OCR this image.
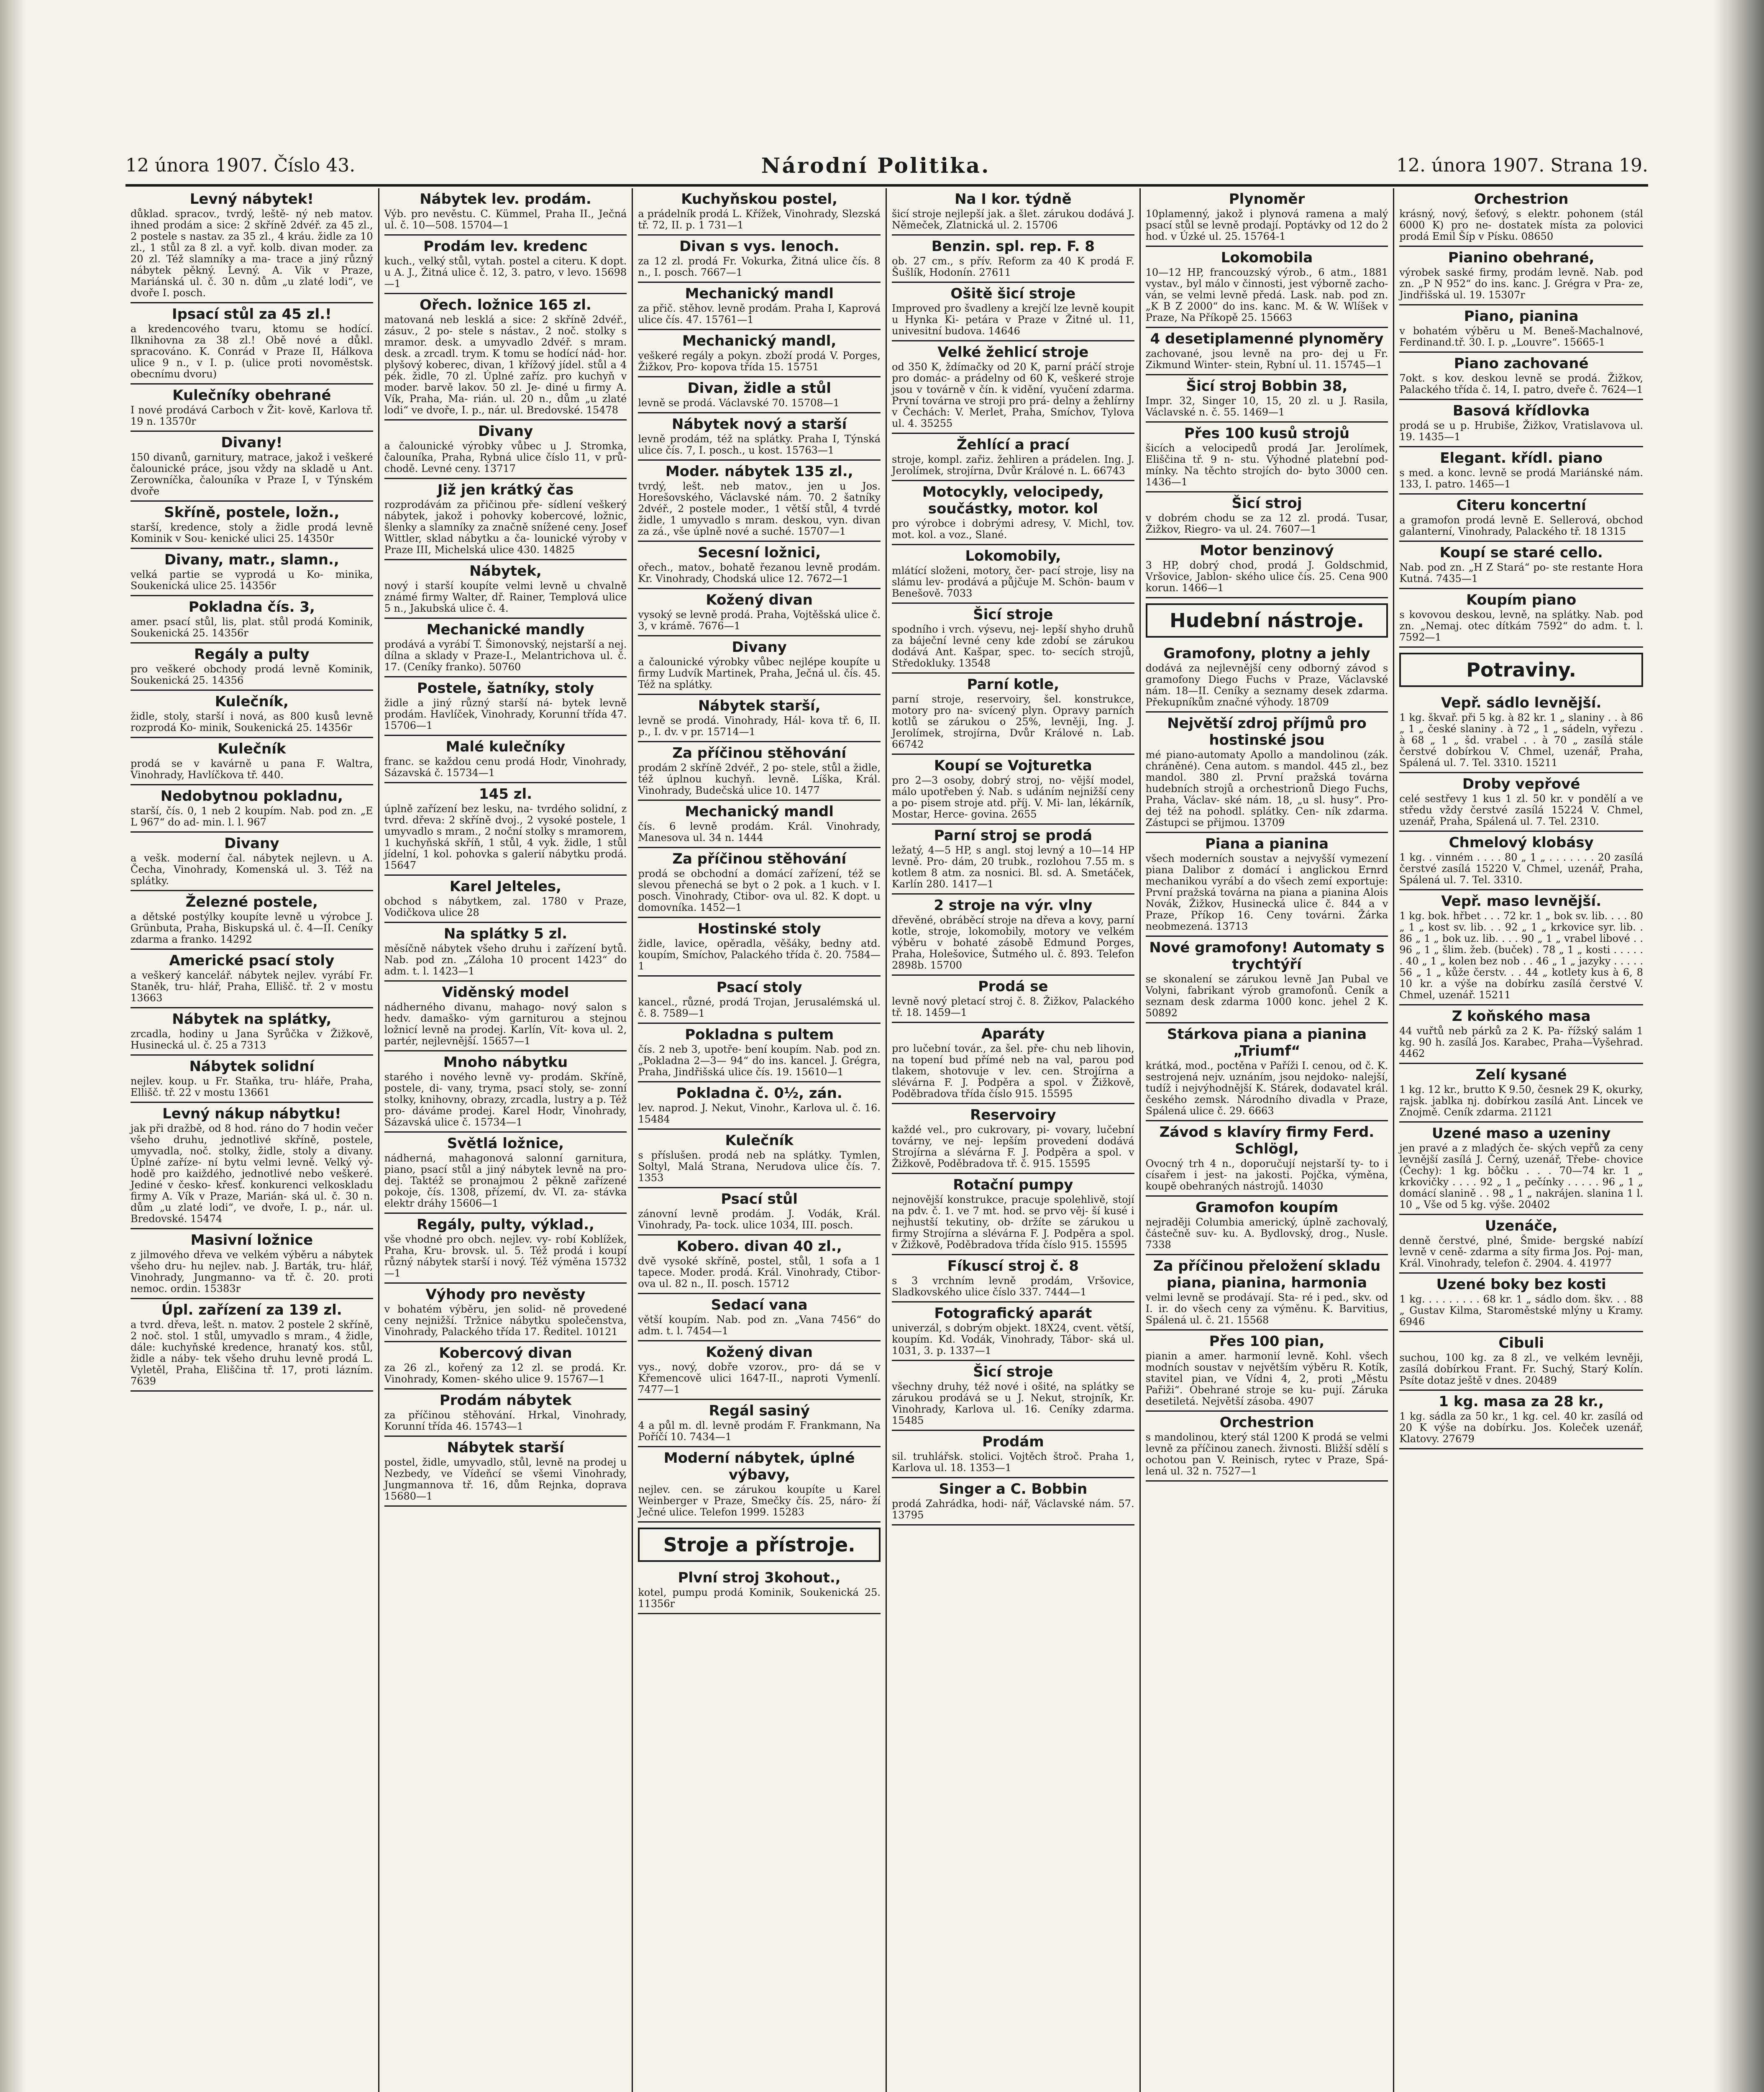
12 února 1907. Číslo 43.	Národní Politika.	12. února 1907. Strana 19.
Levný nábytek!
důklad. spracov., tvrdý, leště- ný neb matov. ihned prodám a sice: 2 skříně 2dvéř. za 45 zl., 2 postele s nastav. za 35 zl., 4 kráu. židle za 10 zl., 1 stůl za 8 zl. a vyř. kolb. divan moder. za 20 zl. Též slamníky a ma- trace a jiný různý nábytek pěkný. Levný. A. Vik v Praze, Mariánská ul. č. 30 n. dům „u zlaté lodi“, ve dvoře I. posch.
Ipsací stůl za 45 zl.!
a kredencového tvaru, ktomu se hodící. Ilknihovna za 38 zl.! Obě nové a důkl. spracováno. K. Conrád v Praze II, Hálkova ulice 9 n., v I. p. (ulice proti novoměstsk. obecnímu dvoru)
Kulečníky obehrané
I nové prodává Carboch v Žit- kově, Karlova tř. 19 n. 13570r
Divany!
150 divanů, garnitury, matrace, jakož i veškeré čalounické práce, jsou vždy na skladě u Ant. Zerowníčka, čalouníka v Praze I, v Týnském dvoře
Skříně, postele, ložn.,
starší, kredence, stoly a židle prodá levně Kominik v Sou- kenické ulici 25. 14350r
Divany, matr., slamn.,
velká partie se vyprodá u Ko- minika, Soukenická ulice 25. 14356r
Pokladna čís. 3,
amer. psací stůl, lis, plat. stůl prodá Kominik, Soukenická 25. 14356r
Regály a pulty
pro veškeré obchody prodá levně Kominik, Soukenická 25. 14356
Kulečník,
židle, stoly, starší i nová, as 800 kusů levně rozprodá Ko- minik, Soukenická 25. 14356r
Kulečník
prodá se v kavárně u pana F. Waltra, Vinohrady, Havlíčkova tř. 440.
Nedobytnou pokladnu,
starší, čís. 0, 1 neb 2 koupím. Nab. pod zn. „E L 967“ do ad- min. l. l. 967
Divany
a vešk. moderní čal. nábytek nejlevn. u A. Čecha, Vinohrady, Komenská ul. 3. Též na splátky.
Železné postele,
a dětské postýlky koupíte levně u výrobce J. Grünbuta, Praha, Biskupská ul. č. 4—II. Ceníky zdarma a franko. 14292
Americké psací stoly
a veškerý kancelář. nábytek nejlev. vyrábí Fr. Staněk, tru- hlář, Praha, Ellišč. tř. 2 v mostu 13663
Nábytek na splátky,
zrcadla, hodiny u Jana Syrůčka v Žižkově, Husinecká ul. č. 25 a 7313
Nábytek solidní
nejlev. koup. u Fr. Staňka, tru- hláře, Praha, Ellišč. tř. 22 v mostu 13661
Levný nákup nábytku!
jak při dražbě, od 8 hod. ráno do 7 hodin večer všeho druhu, jednotlivé skříně, postele, umyvadla, noč. stolky, židle, stoly a divany. Úplné zaříze- ní bytu velmi levně. Velký vý- hodě pro kaiždého, jednotlivé nebo veškeré. Jediné v česko- křesť. konkurenci velkoskladu firmy A. Vík v Praze, Marián- ská ul. č. 30 n. dům „u zlaté lodi“, ve dvoře, I. p., nár. ul. Bredovské. 15474
Masivní ložnice
z jilmového dřeva ve velkém výběru a nábytek všeho dru- hu nejlev. nab. J. Barták, tru- hlář, Vinohrady, Jungmanno- va tř. č. 20. proti nemoc. ordin. 15383r
Úpl. zařízení za 139 zl.
a tvrd. dřeva, lešt. n. matov. 2 postele 2 skříně, 2 noč. stol. 1 stůl, umyvadlo s mram., 4 židle, dále: kuchyňské kredence, hranatý kos. stůl, židle a náby- tek všeho druhu levně prodá L. Vyletěl, Praha, Eliščina tř. 17, proti lázním. 7639
Nábytek lev. prodám.
Výb. pro nevěstu. C. Kümmel, Praha II., Ječná ul. č. 10—508. 15704—1
Prodám lev. kredenc
kuch., velký stůl, vytah. postel a citeru. K dopt. u A. J., Žitná ulice č. 12, 3. patro, v levo. 15698—1
Ořech. ložnice 165 zl.
matovaná neb lesklá a sice: 2 skříně 2dvéř., zásuv., 2 po- stele s nástav., 2 noč. stolky s mramor. desk. a umyvadlo 2dvéř. s mram. desk. a zrcadl. trym. K tomu se hodící nád- hor. plyšový koberec, divan, 1 křížový jídel. stůl a 4 pék. židle, 70 zl. Úplné zaříz. pro kuchyň v moder. barvě lakov. 50 zl. Je- diné u firmy A. Vík, Praha, Ma- rián. ul. 20 n., dům „u zlaté lodi“ ve dvoře, I. p., nár. ul. Bredovské. 15478
Divany
a čalounické výrobky vůbec u J. Stromka, čalouníka, Praha, Rybná ulice číslo 11, v prů- chodě. Levné ceny. 13717
Již jen krátký čas
rozprodávám za přičinou pře- sídlení veškerý nábytek, jakož i pohovky kobercové, ložnic, šlenky a slamníky za značně snížené ceny. Josef Wittler, sklad nábytku a ča- lounické výroby v Praze III, Michelská ulice 430. 14825
Nábytek,
nový i starší koupíte velmi levně u chvalně známé firmy Walter, dř. Rainer, Templová ulice 5 n., Jakubská ulice č. 4.
Mechanické mandly
prodává a vyrábí T. Šimonovský, nejstarší a nej. dílna a sklady v Praze-I., Melantrichova ul. č. 17. (Ceníky franko). 50760
Postele, šatníky, stoly
židle a jiný různý starší ná- bytek levně prodám. Havlíček, Vinohrady, Korunní třída 47. 15706—1
Malé kulečníky
franc. se každou cenu prodá Hodr, Vinohrady, Sázavská č. 15734—1
145 zl.
úplně zařízení bez lesku, na- tvrdého solidní, z tvrd. dřeva: 2 skříně dvoj., 2 vysoké postele, 1 umyvadlo s mram., 2 noční stolky s mramorem, 1 kuchyňská skříň, 1 stůl, 4 vyk. židle, 1 stůl jídelní, 1 kol. pohovka s galerií nábytku prodá. 15647
Karel Jelteles,
obchod s nábytkem, zal. 1780 v Praze, Vodičkova ulice 28
Na splátky 5 zl.
měsíčně nábytek všeho druhu i zařízení bytů. Nab. pod zn. „Záloha 10 procent 1423“ do adm. t. l. 1423—1
Viděnský model
nádherného divanu, mahago- nový salon s hedv. damaško- vým garniturou a stejnou ložnicí levně na prodej. Karlín, Vít- kova ul. 2, partér, nejlevnější. 15657—1
Mnoho nábytku
starého i nového levně vy- prodám. Skříně, postele, di- vany, tryma, psací stoly, se- zonní stolky, knihovny, obrazy, zrcadla, lustry a p. Též pro- dáváme prodej. Karel Hodr, Vinohrady, Sázavská ulice č. 15734—1
Světlá ložnice,
nádherná, mahagonová salonní garnitura, piano, psací stůl a jiný nábytek levně na pro- dej. Taktéž se pronajmou 2 pěkně zařízené pokoje, čís. 1308, přízemí, dv. VI. za- stávka elektr dráhy 15606—1
Regály, pulty, výklad.,
vše vhodné pro obch. nejlev. vy- robí Koblížek, Praha, Kru- brovsk. ul. 5. Též prodá i koupí různý nábytek starší i nový. Též výměna 15732—1
Výhody pro nevěsty
v bohatém výběru, jen solid- ně provedené ceny nejnižší. Tržnice nábytku společenstva, Vinohrady, Palackého třída 17. Ředitel. 10121
Kobercový divan
za 26 zl., kořený za 12 zl. se prodá. Kr. Vinohrady, Komen- ského ulice 9. 15767—1
Prodám nábytek
za příčinou stěhování. Hrkal, Vinohrady, Korunní třída 46. 15743—1
Nábytek starší
postel, židle, umyvadlo, stůl, levně na prodej u Nezbedy, ve Vídeňcí se všemi Vinohrady, Jungmannova tř. 16, dům Rejnka, doprava 15680—1
Kuchyňskou postel,
a prádelník prodá L. Křížek, Vinohrady, Slezská tř. 72, II. p. 1 731—1
Divan s vys. lenoch.
za 12 zl. prodá Fr. Vokurka, Žitná ulice čís. 8 n., I. posch. 7667—1
Mechanický mandl
za přič. stěhov. levně prodám. Praha I, Kaprová ulice čís. 47. 15761—1
Mechanický mandl,
veškeré regály a pokyn. zboží prodá V. Porges, Žižkov, Pro- kopova třída 15. 15751
Divan, židle a stůl
levně se prodá. Václavské 70. 15708—1
Nábytek nový a starší
levně prodám, též na splátky. Praha I, Týnská ulice čís. 7, I. posch., u kost. 15763—1
Moder. nábytek 135 zl.,
tvrdý, lešt. neb matov., jen u Jos. Horešovského, Václavské nám. 70. 2 šatníky 2dvéř., 2 postele moder., 1 větší stůl, 4 tvrdé židle, 1 umyvadlo s mram. deskou, vyn. divan za zá., vše úplně nové a suché. 15707—1
Secesní ložnici,
ořech., matov., bohatě řezanou levně prodám. Kr. Vinohrady, Chodská ulice 12. 7672—1
Kožený divan
vysoký se levně prodá. Praha, Vojtěšská ulice č. 3, v krámě. 7676—1
Divany
a čalounické výrobky vůbec nejlépe koupíte u firmy Ludvík Martinek, Praha, Ječná ul. čís. 45. Též na splátky.
Nábytek starší,
levně se prodá. Vinohrady, Hál- kova tř. 6, II. p., I. dv. v pr. 15714—1
Za příčinou stěhování
prodám 2 skříně 2dvéř., 2 po- stele, stůl a židle, též úplnou kuchyň. levně. Líška, Král. Vinohrady, Budečská ulice 10. 1477
Mechanický mandl
čís. 6 levně prodám. Král. Vinohrady, Manesova ul. 34 n. 1444
Za příčinou stěhování
prodá se obchodní a domácí zařízení, též se slevou přenechá se byt o 2 pok. a 1 kuch. v I. posch. Vinohrady, Ctibor- ova ul. 82. K dopt. u domovníka. 1452—1
Hostinské stoly
židle, lavice, opěradla, věšáky, bedny atd. koupím, Smíchov, Palackého třída č. 20. 7584—1
Psací stoly
kancel., různé, prodá Trojan, Jerusalémská ul. č. 8. 7589—1
Pokladna s pultem
čís. 2 neb 3, upotře- bení koupím. Nab. pod zn. „Pokladna 2—3— 94“ do ins. kancel. J. Grégra, Praha, Jindřišská ulice čís. 19. 15610—1
Pokladna č. 0½, zán.
lev. naprod. J. Nekut, Vinohr., Karlova ul. č. 16. 15484
Kulečník
s příslušen. prodá neb na splátky. Tymlen, Soltyl, Malá Strana, Nerudova ulice čís. 7. 1353
Psací stůl
zánovní levně prodám. J. Vodák, Král. Vinohrady, Pa- tock. ulice 1034, III. posch.
Kobero. divan 40 zl.,
dvě vysoké skříně, postel, stůl, 1 sofa a 1 tapece. Moder. prodá. Král. Vinohrady, Ctibor- ova ul. 82 n., II. posch. 15712
Sedací vana
větší koupím. Nab. pod zn. „Vana 7456“ do adm. t. l. 7454—1
Kožený divan
vys., nový, dobře vzorov., pro- dá se v Křemencově ulici 1647-II., naproti Vymenlí. 7477—1
Regál sasiný
4 a půl m. dl. levně prodám F. Frankmann, Na Poříčí 10. 7434—1
Moderní nábytek, úplné výbavy,
nejlev. cen. se zárukou koupíte u Karel Weinberger v Praze, Smečky čís. 25, náro- ží Ječné ulice. Telefon 1999. 15283
Stroje a přístroje.
Plvní stroj 3kohout.,
kotel, pumpu prodá Kominik, Soukenická 25. 11356r
Na I kor. týdně
šicí stroje nejlepší jak. a šlet. zárukou dodává J. Němeček, Zlatnická ul. 2. 15706
Benzin. spl. rep. F. 8
ob. 27 cm., s přív. Reform za 40 K prodá F. Šušlík, Hodonín. 27611
Ošitě šicí stroje
Improved pro švadleny a krejčí lze levně koupit u Hynka Ki- petára v Praze v Žitné ul. 11, univesitní budova. 14646
Velké žehlicí stroje
od 350 K, ždímačky od 20 K, parní práčí stroje pro domác- a prádelny od 60 K, veškeré stroje jsou v továrně v čín. k vidění, vyučení zdarma. První továrna ve stroji pro prá- delny a žehlírny v Čechách: V. Merlet, Praha, Smíchov, Tylova ul. 4. 35255
Žehlící a prací
stroje, kompl. zařiz. žehliren a prádelen. Ing. J. Jerolímek, strojírna, Dvůr Králové n. L. 66743
Motocykly, velocipedy, součástky, motor. kol
pro výrobce i dobrými adresy, V. Michl, tov. mot. kol. a voz., Slané.
Lokomobily,
mlátící složeni, motory, čer- pací stroje, lisy na slámu lev- prodává a půjčuje M. Schön- baum v Benešově. 7033
Šicí stroje
spodního i vrch. výsevu, nej- lepší shyho druhů za báječní levné ceny kde zdobí se zárukou dodává Ant. Kašpar, spec. to- secích strojů, Středokluky. 13548
Parní kotle,
parní stroje, reservoiry, šel. konstrukce, motory pro na- svícený plyn. Opravy parních kotlů se zárukou o 25%, levněji, Ing. J. Jerolímek, strojírna, Dvůr Králové n. Lab. 66742
Koupí se Vojturetka
pro 2—3 osoby, dobrý stroj, no- vější model, málo upotřeben ý. Nab. s udáním nejnižší ceny a po- pisem stroje atd. příj. V. Mi- lan, lékárník, Mostar, Herce- govina. 2655
Parní stroj se prodá
ležatý, 4—5 HP, s angl. stoj levný a 10—14 HP levně. Pro- dám, 20 trubk., rozlohou 7.55 m. s kotlem 8 atm. za nosnici. Bl. sd. A. Smetáček, Karlín 280. 1417—1
2 stroje na výr. vlny
dřevěné, obráběcí stroje na dřeva a kovy, parní kotle, stroje, lokomobily, motory ve velkém výběru v bohaté zásobě Edmund Porges, Praha, Holešovice, Šutmého ul. č. 893. Telefon 2898b. 15700
Prodá se
levně nový pletací stroj č. 8. Žižkov, Palackého tř. 18. 1459—1
Aparáty
pro lučební továr., za šel. pře- chu neb lihovin, na topení bud přímé neb na val, parou pod tlakem, shotovuje v lev. cen. Strojírna a slévárna F. J. Podpěra a spol. v Žižkově, Poděbradova třída číslo 915. 15595
Reservoiry
každé vel., pro cukrovary, pi- vovary, lučební továrny, ve nej- lepším provedení dodává Strojírna a slévárna F. J. Podpěra a spol. v Žižkově, Poděbradova tř. č. 915. 15595
Rotační pumpy
nejnovější konstrukce, pracuje spolehlivě, stojí na pdv. č. 1. ve 7 mt. hod. se prvo věj- ší kusé i nejhustší tekutiny, ob- držíte se zárukou u firmy Strojírna a slévárna F. J. Podpěra a spol. v Žižkově, Poděbradova třída číslo 915. 15595
Fíkuscí stroj č. 8
s 3 vrchním levně prodám, Vršovice, Sladkovského ulice číslo 337. 7444—1
Fotografický aparát
univerzál, s dobrým objekt. 18X24, cvent. větší, koupím. Kd. Vodák, Vinohrady, Tábor- ská ul. 1031, 3. p. 1337—1
Šicí stroje
všechny druhy, též nové i ošité, na splátky se zárukou prodává se u J. Nekut, strojník, Kr. Vinohrady, Karlova ul. 16. Ceníky zdarma. 15485
Prodám
sil. truhlářsk. stolici. Vojtěch štroč. Praha 1, Karlova ul. 18. 1353—1
Singer a C. Bobbin
prodá Zahrádka, hodi- nář, Václavské nám. 57. 13795
Plynoměr
10plamenný, jakož i plynová ramena a malý psací stůl se levně prodají. Poptávky od 12 do 2 hod. v Úzké ul. 25. 15764-1
Lokomobila
10—12 HP, francouzský výrob., 6 atm., 1881 vystav., byl málo v činnosti, jest výborně zacho- ván, se velmi levně předá. Lask. nab. pod zn. „K B Z 2000“ do ins. kanc. M. & W. Wlíšek v Praze, Na Příkopě 25. 15663
4 desetiplamenné plynoměry
zachované, jsou levně na pro- dej u Fr. Zikmund Winter- stein, Rybní ul. 11. 15745—1
Šicí stroj Bobbin 38,
Impr. 32, Singer 10, 15, 20 zl. u J. Rasila, Václavské n. č. 55. 1469—1
Přes 100 kusů strojů
šicích a velocipedů prodá Jar. Jerolímek, Eliščina tř. 9 n- stu. Výhodné platební pod- mínky. Na těchto strojích do- byto 3000 cen. 1436—1
Šicí stroj
v dobrém chodu se za 12 zl. prodá. Tusar, Žižkov, Riegro- va ul. 24. 7607—1
Motor benzinový
3 HP, dobrý chod, prodá J. Goldschmid, Vršovice, Jablon- ského ulice čís. 25. Cena 900 korun. 1466—1
Hudební nástroje.
Gramofony, plotny a jehly
dodává za nejlevnější ceny odborný závod s gramofony Diego Fuchs v Praze, Václavské nám. 18—II. Ceníky a seznamy desek zdarma. Překupníkům značné výhody. 18709
Největší zdroj příjmů pro hostinské jsou
mé piano-automaty Apollo a mandolinou (zák. chráněné). Cena autom. s mandol. 445 zl., bez mandol. 380 zl. První pražská továrna hudebních strojů a orchestrionů Diego Fuchs, Praha, Václav- ské nám. 18, „u sl. husy“. Pro- dej též na pohodl. splátky. Cen- ník zdarma. Zástupci se přijmou. 13709
Piana a pianina
všech moderních soustav a nejvyšší vymezení piana Dalibor z domácí i anglickou Ernrd mechanikou vyrábí a do všech zemí exportuje: První pražská továrna na piana a pianina Alois Novák, Žižkov, Husinecká ulice č. 844 a v Praze, Příkop 16. Ceny továrni. Žárka neobmezená. 13713
Nové gramofony! Automaty s trychtýří
se skonalení se zárukou levně Jan Pubal ve Volyni, fabrikant výrob gramofonů. Ceník a seznam desk zdarma 1000 konc. jehel 2 K. 50892
Stárkova piana a pianina „Triumf“
krátká, mod., poctěna v Paříži I. cenou, od č. K. sestrojená nejv. uznáním, jsou nejdoko- nalejší, tudíž i nejvýhodnější K. Stárek, dodavatel král. českého zemsk. Národního divadla v Praze, Spálená ulice č. 29. 6663
Závod s klavíry firmy Ferd. Schlögl,
Ovocný trh 4 n., doporučují nejstarší ty- to i císařem i jest- na jakosti. Pojčka, výměna, koupě obehraných nástrojů. 14030
Gramofon koupím
nejraději Columbia americký, úplně zachovalý, částečně suv- ku. A. Bydlovský, drog., Nusle. 7338
Za příčinou přeložení skladu piana, pianina, harmonia
velmi levně se prodávají. Sta- ré i ped., skv. od I. ir. do všech ceny za výměnu. K. Barvitius, Spálená ul. č. 21. 15568
Přes 100 pian,
pianin a amer. harmonií levně. Kohl. všech modních soustav v největším výběru R. Kotík, stavitel pian, ve Vídni 4, 2, proti „Městu Pařiži“. Obehrané stroje se ku- pují. Záruka desetiletá. Největší zásoba. 4907
Orchestrion
s mandolinou, který stál 1200 K prodá se velmi levně za příčinou zanech. živnosti. Bližší sdělí s ochotou pan V. Reinisch, rytec v Praze, Spá- lená ul. 32 n. 7527—1
Orchestrion
krásný, nový, šeťový, s elektr. pohonem (stál 6000 K) pro ne- dostatek místa za polovici prodá Emil Šíp v Písku. 08650
Pianino obehrané,
výrobek saské firmy, prodám levně. Nab. pod zn. „P N 952“ do ins. kanc. J. Grégra v Pra- ze, Jindřišská ul. 19. 15307r
Piano, pianina
v bohatém výběru u M. Beneš-Machalnové, Ferdinand.tř. 30. I. p. „Louvre“. 15665-1
Piano zachované
7okt. s kov. deskou levně se prodá. Žižkov, Palackého třída č. 14, I. patro, dveře č. 7624—1
Basová křídlovka
prodá se u p. Hrubiše, Žižkov, Vratislavova ul. 19. 1435—1
Elegant. křídl. piano
s med. a konc. levně se prodá Mariánské nám. 133, I. patro. 1465—1
Citeru koncertní
a gramofon prodá levně E. Sellerová, obchod galanterní, Vinohrady, Palackého tř. 18 1315
Koupí se staré cello.
Nab. pod zn. „H Z Stará“ po- ste restante Hora Kutná. 7435—1
Koupím piano
s kovovou deskou, levně, na splátky. Nab. pod zn. „Nemaj. otec dítkám 7592“ do adm. t. l. 7592—1
Potraviny.
Vepř. sádlo levnější.
1 kg. škvař. při 5 kg. à 82 kr. 1 „ slaniny . . à 86 „ 1 „ české slaniny . à 72 „ 1 „ sádeln, vyřezu . à 68 „ 1 „ šd. vrabel . . à 70 „ zasílá stále čerstvé dobírkou V. Chmel, uzenář, Praha, Spálená ul. 7. Tel. 3310. 15211
Droby vepřové
celé sestřevy 1 kus 1 zl. 50 kr. v pondělí a ve středu vždy čerstvé zasílá 15224 V. Chmel, uzenář, Praha, Spálená ul. 7. Tel. 2310.
Chmelový klobásy
1 kg. . vinném . . . . 80 „ 1 „ . . . . . . . 20 zasílá čerstvé zasílá 15220 V. Chmel, uzenář, Praha, Spálená ul. 7. Tel. 3310.
Vepř. maso levnější.
1 kg. bok. hřbet . . . 72 kr. 1 „ bok sv. lib. . . . 80 „ 1 „ kost sv. lib. . . 92 „ 1 „ krkovice syr. lib. . 86 „ 1 „ bok uz. lib. . . . 90 „ 1 „ vrabel libové . . 96 „ 1 „ šlim. žeb. (buček) . 78 „ 1 „ kosti . . . . . . 40 „ 1 „ kolen bez nob . . 46 „ 1 „ jazyky . . . . . 56 „ 1 „ kůže čerstv. . . 44 „ kotlety kus à 6, 8 10 kr. a výše na dobírku zasílá čerstvé V. Chmel, uzenář. 15211
Z koňského masa
44 vuřtů neb párků za 2 K. Pa- řížský salám 1 kg. 90 h. zasílá Jos. Karabec, Praha—Vyšehrad. 4462
Zelí kysané
1 kg. 12 kr., brutto K 9.50, česnek 29 K, okurky, rajsk. jablka nj. dobírkou zasílá Ant. Lincek ve Znojmě. Ceník zdarma. 21121
Uzené maso a uzeniny
jen pravé a z mladých če- ských vepřů za ceny levnější zasílá J. Černý, uzenář, Třebe- chovice (Čechy): 1 kg. bôčku . . . 70—74 kr. 1 „ krkovičky . . . . 92 „ 1 „ pečínky . . . . . 96 „ 1 „ domácí slanině . . 98 „ 1 „ nakrájen. slanina 1 l. 10 „ Vše od 5 kg. výše. 20402
Uzenáče,
denně čerstvé, plné, Šmide- bergské nabízí levně v ceně- zdarma a síty firma Jos. Poj- man, Král. Vinohrady, telefon č. 2904. 4. 41977
Uzené boky bez kosti
1 kg. . . . . . . . . 68 kr. 1 „ sádlo dom. škv. . . 88 „ Gustav Kilma, Staroměstské mlýny u Kramy. 6946
Cibuli
suchou, 100 kg. za 8 zl., ve velkém levněji, zasílá dobírkou Frant. Fr. Suchý, Starý Kolín. Psíte dotaz ještě v dnes. 20489
1 kg. masa za 28 kr.,
1 kg. sádla za 50 kr., 1 kg. cel. 40 kr. zasílá od 20 K výše na dobírku. Jos. Koleček uzenář, Klatovy. 27679
